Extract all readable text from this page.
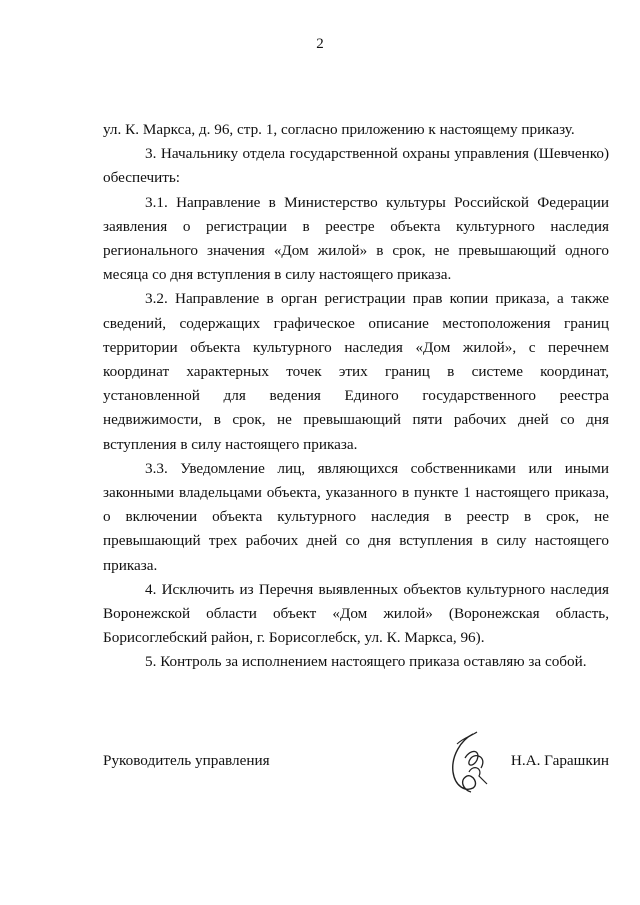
2

ул. К. Маркса, д. 96, стр. 1, согласно приложению к настоящему приказу.

3. Начальнику отдела государственной охраны управления (Шевченко) обеспечить:

3.1. Направление в Министерство культуры Российской Федерации заявления о регистрации в реестре объекта культурного наследия регионального значения «Дом жилой» в срок, не превышающий одного месяца со дня вступления в силу настоящего приказа.

3.2. Направление в орган регистрации прав копии приказа, а также сведений, содержащих графическое описание местоположения границ территории объекта культурного наследия «Дом жилой», с перечнем координат характерных точек этих границ в системе координат, установленной для ведения Единого государственного реестра недвижимости, в срок, не превышающий пяти рабочих дней со дня вступления в силу настоящего приказа.

3.3. Уведомление лиц, являющихся собственниками или иными законными владельцами объекта, указанного в пункте 1 настоящего приказа, о включении объекта культурного наследия в реестр в срок, не превышающий трех рабочих дней со дня вступления в силу настоящего приказа.

4. Исключить из Перечня выявленных объектов культурного наследия Воронежской области объект «Дом жилой» (Воронежская область, Борисоглебский район, г. Борисоглебск, ул. К. Маркса, 96).

5. Контроль за исполнением настоящего приказа оставляю за собой.

Руководитель управления	Н.А. Гарашкин
